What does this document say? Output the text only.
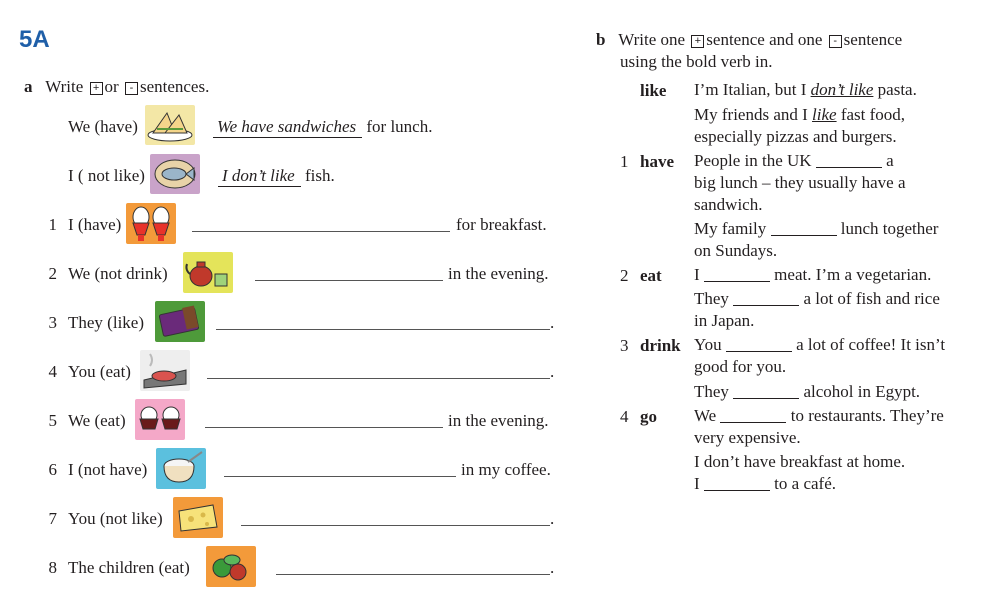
5A
a Write + or - sentences.
We (have)	We have sandwiches for lunch.
I ( not like)	I don’t like fish.
1 I (have)	for breakfast.
2 We (not drink)	in the evening.
3 They (like)	.
4 You (eat)	.
5 We (eat)	in the evening.
6 I (not have)	in my coffee.
7 You (not like)	.
8 The children (eat)	.
b Write one + sentence and one - sentence
using the bold verb in.
like I’m Italian, but I don’t like pasta.
My friends and I like fast food,
especially pizzas and burgers.
1 have People in the UK	a
big lunch – they usually have a
sandwich.
My family	lunch together
on Sundays.
2 eat I	meat. I’m a vegetarian.
They	a lot of fish and rice
in Japan.
3 drink You	a lot of coffee! It isn’t
good for you.
They	alcohol in Egypt.
4 go We	to restaurants. They’re
very expensive.
I don’t have breakfast at home.
I	to a café.
